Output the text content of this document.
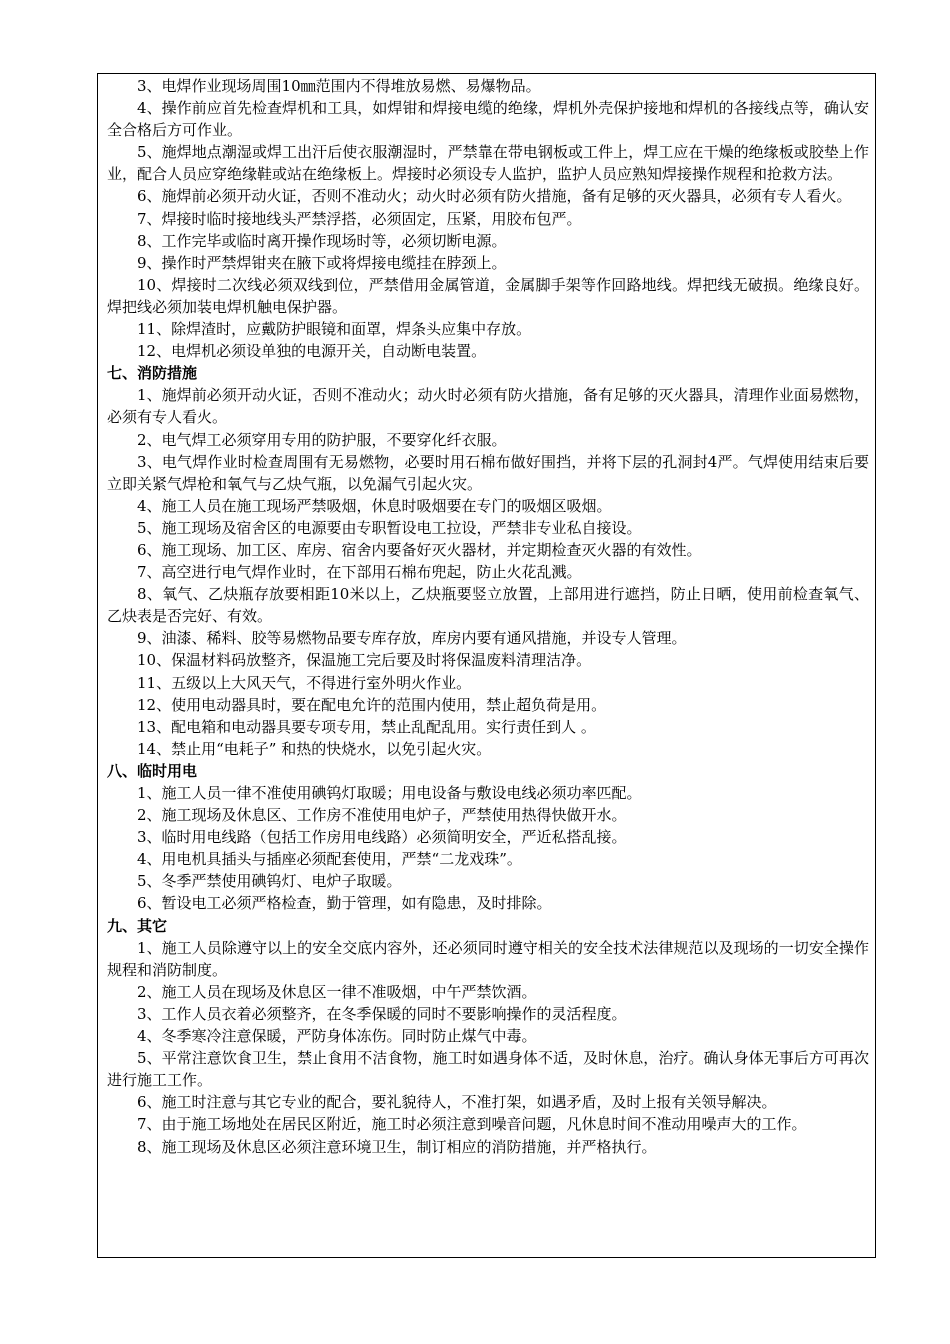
3、电焊作业现场周围10㎜范围内不得堆放易燃、易爆物品。

4、操作前应首先检查焊机和工具，如焊钳和焊接电缆的绝缘，焊机外壳保护接地和焊机的各接线点等，确认安全合格后方可作业。

5、施焊地点潮湿或焊工出汗后使衣服潮湿时，严禁靠在带电钢板或工件上，焊工应在干燥的绝缘板或胶垫上作业，配合人员应穿绝缘鞋或站在绝缘板上。焊接时必须设专人监护，监护人员应熟知焊接操作规程和抢救方法。

6、施焊前必须开动火证，否则不准动火；动火时必须有防火措施，备有足够的灭火器具，必须有专人看火。

7、焊接时临时接地线头严禁浮搭，必须固定，压紧，用胶布包严。

8、工作完毕或临时离开操作现场时等，必须切断电源。

9、操作时严禁焊钳夹在腋下或将焊接电缆挂在脖颈上。

10、焊接时二次线必须双线到位，严禁借用金属管道，金属脚手架等作回路地线。焊把线无破损。绝缘良好。焊把线必须加装电焊机触电保护器。

11、除焊渣时，应戴防护眼镜和面罩，焊条头应集中存放。

12、电焊机必须设单独的电源开关，自动断电装置。

七、消防措施

1、施焊前必须开动火证，否则不准动火；动火时必须有防火措施，备有足够的灭火器具，清理作业面易燃物，必须有专人看火。

2、电气焊工必须穿用专用的防护服，不要穿化纤衣服。

3、电气焊作业时检查周围有无易燃物，必要时用石棉布做好围挡，并将下层的孔洞封4严。气焊使用结束后要立即关紧气焊枪和氧气与乙炔气瓶，以免漏气引起火灾。

4、施工人员在施工现场严禁吸烟，休息时吸烟要在专门的吸烟区吸烟。

5、施工现场及宿舍区的电源要由专职暂设电工拉设，严禁非专业私自接设。

6、施工现场、加工区、库房、宿舍内要备好灭火器材，并定期检查灭火器的有效性。

7、高空进行电气焊作业时，在下部用石棉布兜起，防止火花乱溅。

8、氧气、乙炔瓶存放要相距10米以上，乙炔瓶要竖立放置，上部用进行遮挡，防止日晒，使用前检查氧气、乙炔表是否完好、有效。

9、油漆、稀料、胶等易燃物品要专库存放，库房内要有通风措施，并设专人管理。

10、保温材料码放整齐，保温施工完后要及时将保温废料清理洁净。

11、五级以上大风天气，不得进行室外明火作业。

12、使用电动器具时，要在配电允许的范围内使用，禁止超负荷是用。

13、配电箱和电动器具要专项专用，禁止乱配乱用。实行责任到人 。

14、禁止用“电耗子” 和热的快烧水，以免引起火灾。

八、临时用电

1、施工人员一律不准使用碘钨灯取暖；用电设备与敷设电线必须功率匹配。

2、施工现场及休息区、工作房不准使用电炉子，严禁使用热得快做开水。

3、临时用电线路（包括工作房用电线路）必须简明安全，严近私搭乱接。

4、用电机具插头与插座必须配套使用，严禁“二龙戏珠”。

5、冬季严禁使用碘钨灯、电炉子取暖。

6、暂设电工必须严格检查，勤于管理，如有隐患，及时排除。

九、其它

1、施工人员除遵守以上的安全交底内容外，还必须同时遵守相关的安全技术法律规范以及现场的一切安全操作规程和消防制度。

2、施工人员在现场及休息区一律不准吸烟，中午严禁饮酒。

3、工作人员衣着必须整齐，在冬季保暖的同时不要影响操作的灵活程度。

4、冬季寒冷注意保暖，严防身体冻伤。同时防止煤气中毒。

5、平常注意饮食卫生，禁止食用不洁食物，施工时如遇身体不适，及时休息，治疗。确认身体无事后方可再次进行施工工作。

6、施工时注意与其它专业的配合，要礼貌待人，不准打架，如遇矛盾，及时上报有关领导解决。

7、由于施工场地处在居民区附近，施工时必须注意到噪音问题，凡休息时间不准动用噪声大的工作。

8、施工现场及休息区必须注意环境卫生，制订相应的消防措施，并严格执行。
